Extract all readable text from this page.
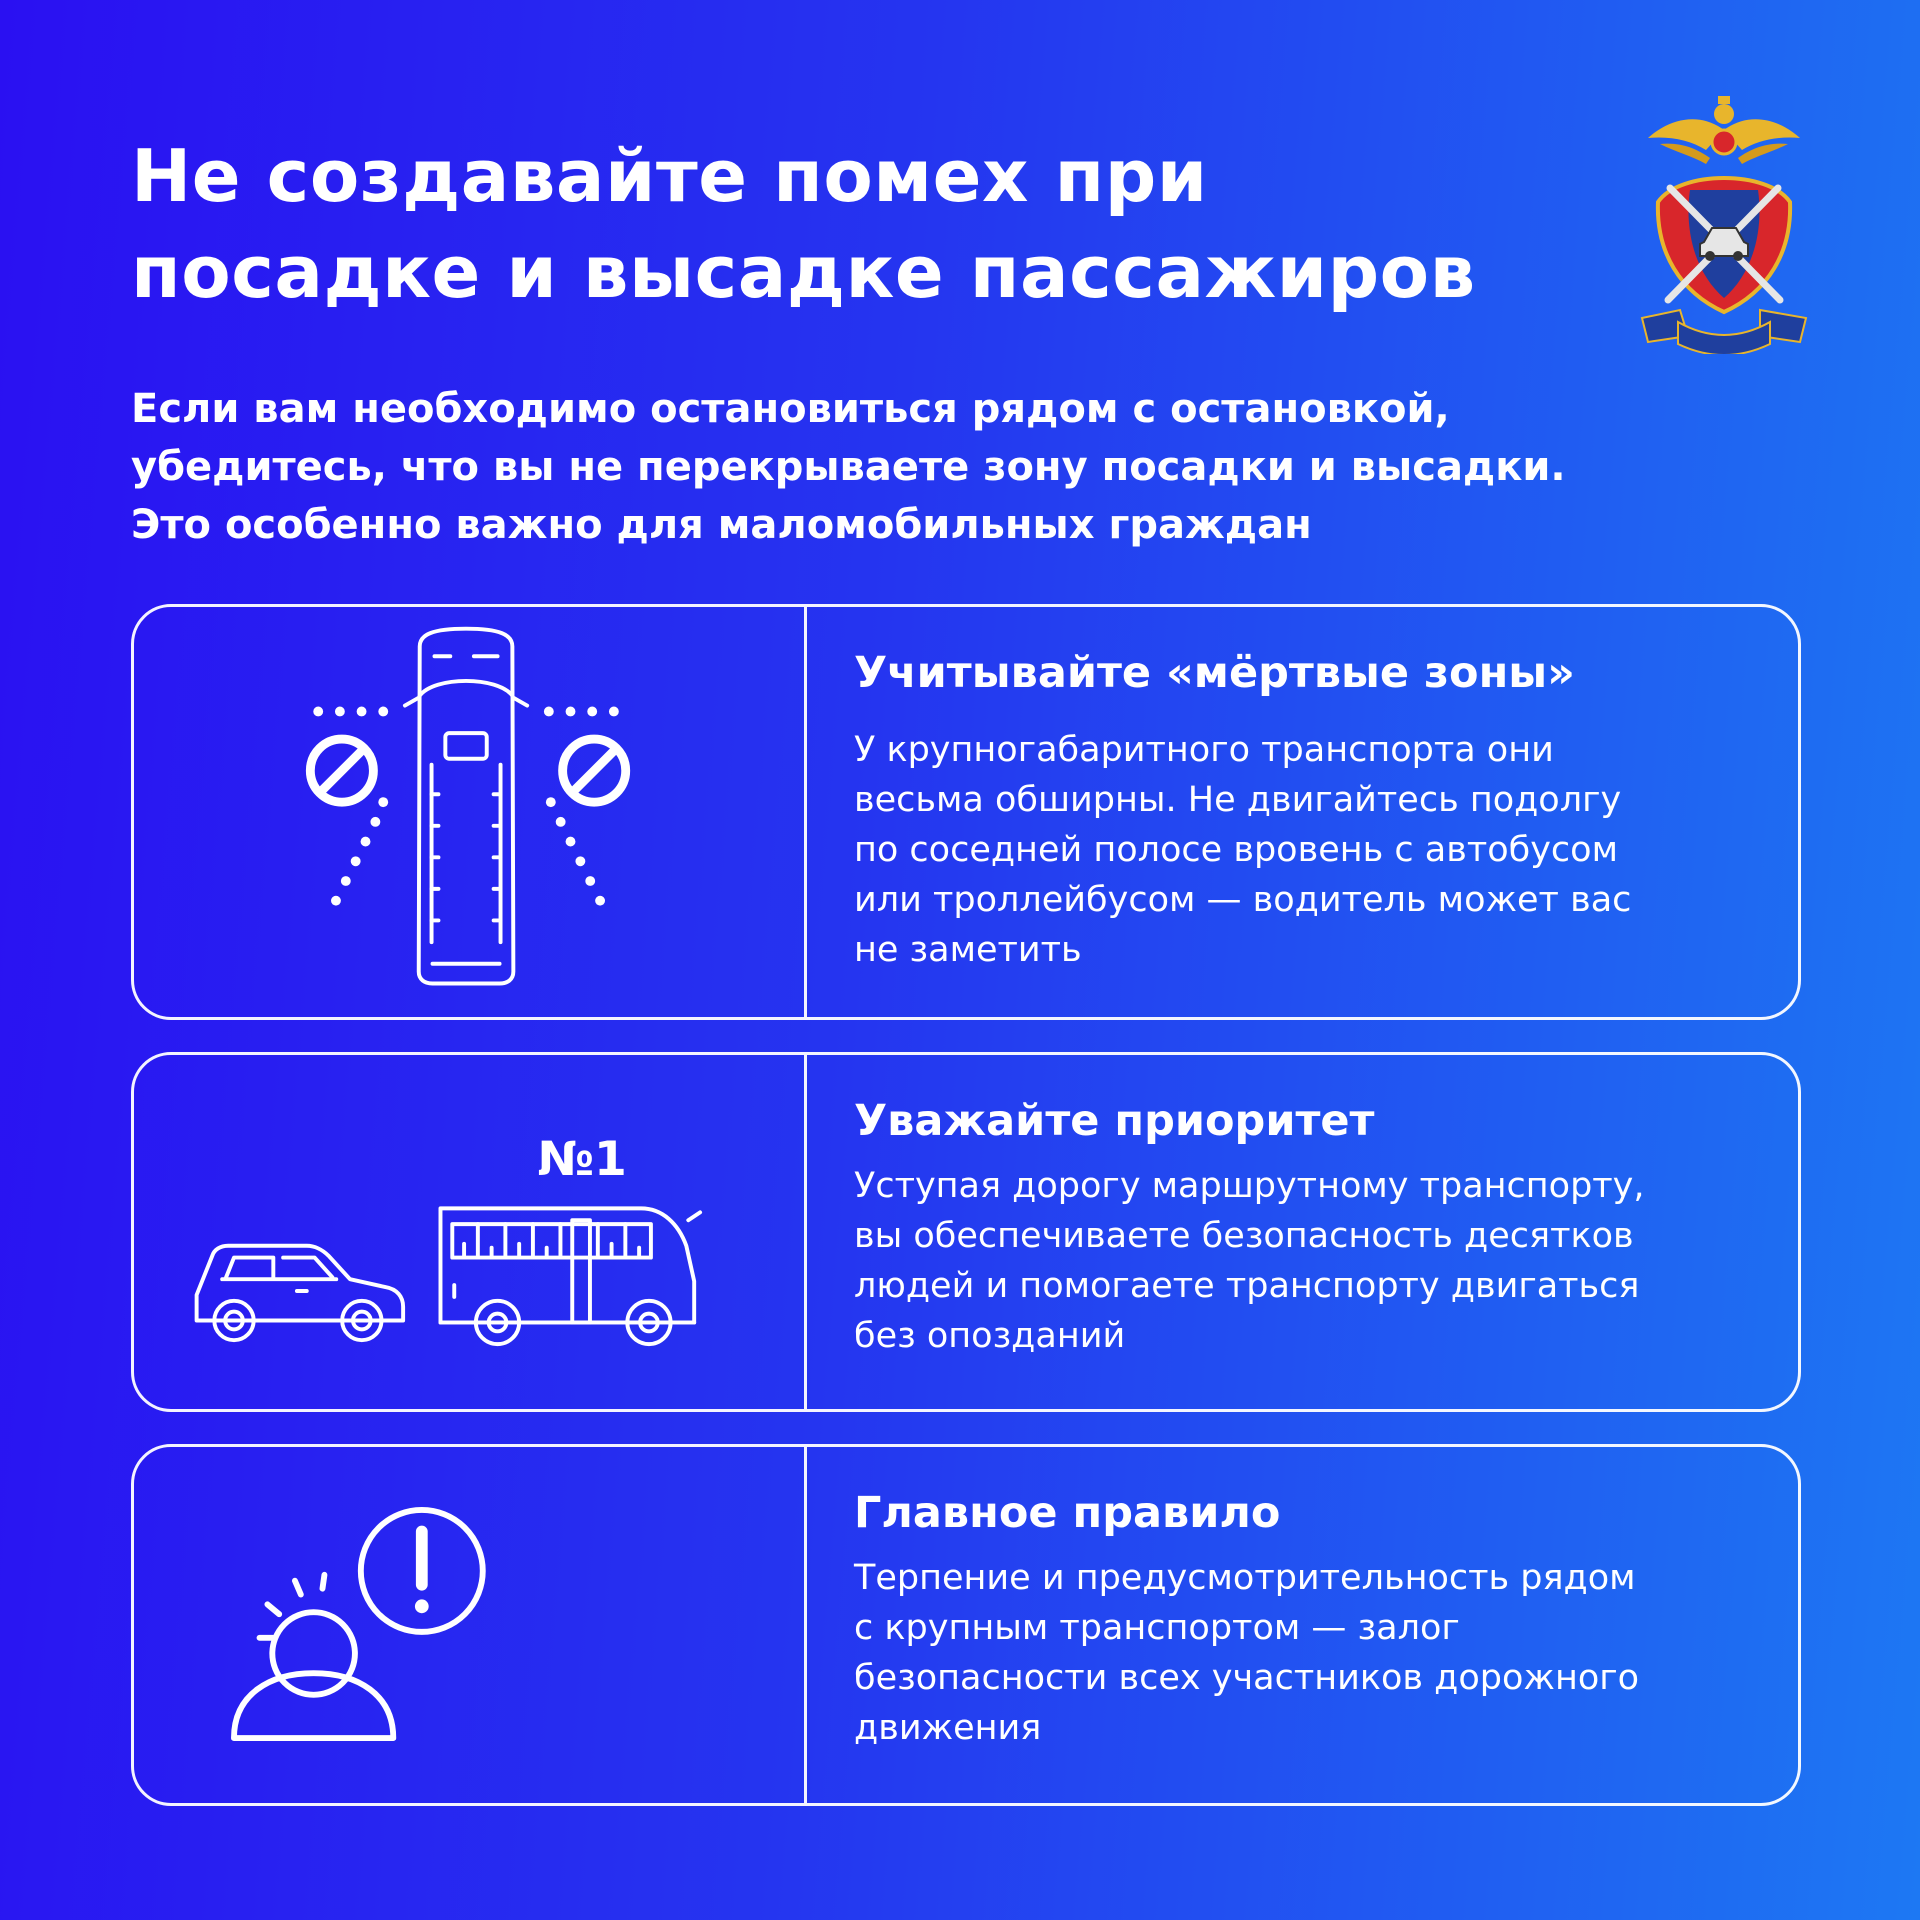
Не создавайте помех при
посадке и высадке пассажиров

Если вам необходимо остановиться рядом с остановкой,
убедитесь, что вы не перекрываете зону посадки и высадки.
Это особенно важно для маломобильных граждан

Учитывайте «мёртвые зоны»

У крупногабаритного транспорта они
весьма обширны. Не двигайтесь подолгу
по соседней полосе вровень с автобусом
или троллейбусом — водитель может вас
не заметить

№1
Уважайте приоритет

Уступая дорогу маршрутному транспорту,
вы обеспечиваете безопасность десятков
людей и помогаете транспорту двигаться
без опозданий

Главное правило

Терпение и предусмотрительность рядом
с крупным транспортом — залог
безопасности всех участников дорожного
движения
